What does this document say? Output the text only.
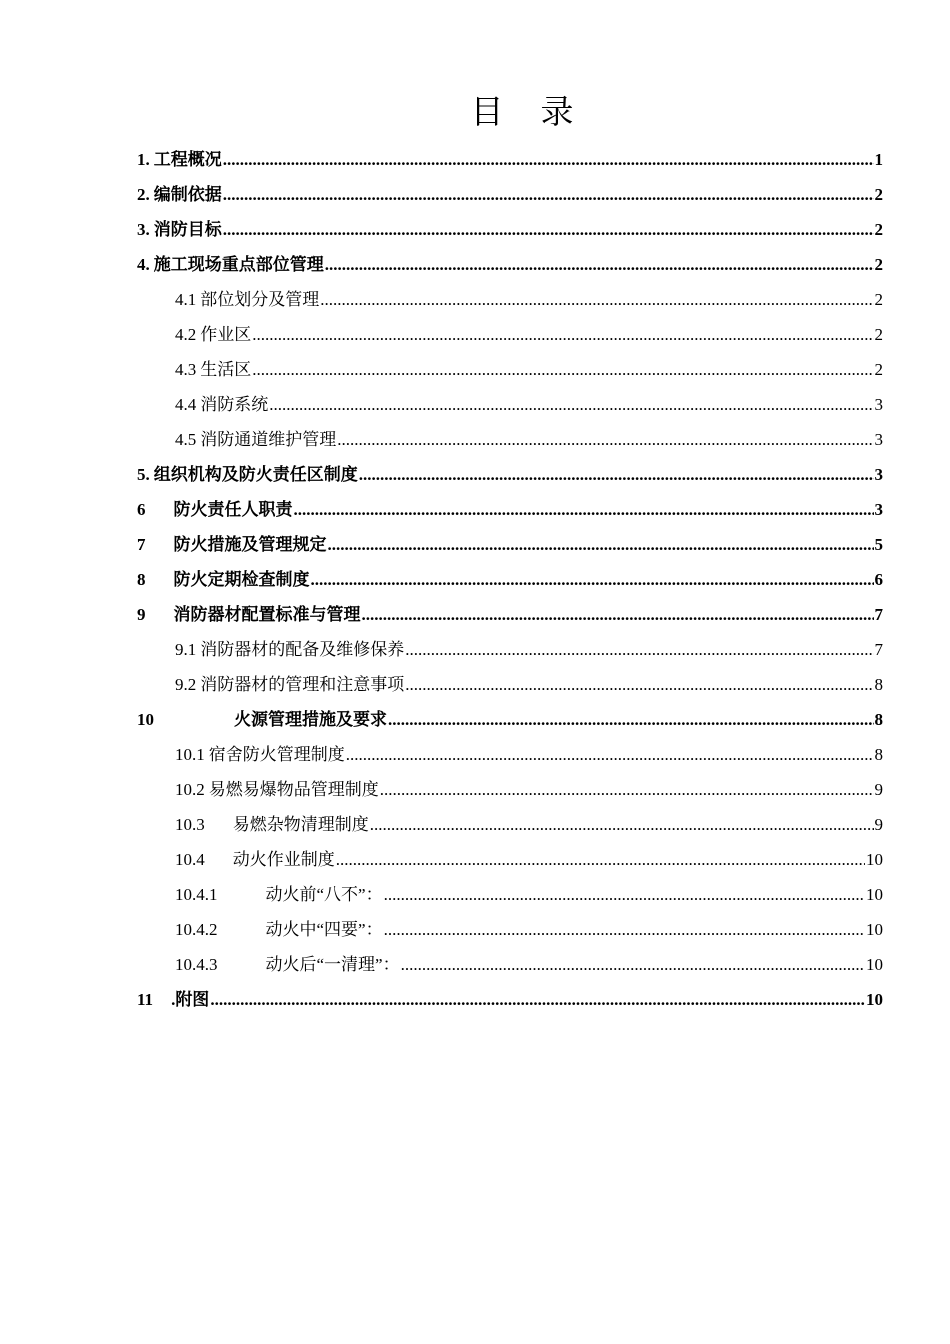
目　录
1. 工程概况 .....	1
2. 编制依据 .....	2
3. 消防目标 .....	2
4. 施工现场重点部位管理 .....	2
4.1 部位划分及管理 .....	2
4.2 作业区 .....	2
4.3 生活区 .....	2
4.4 消防系统 .....	3
4.5 消防通道维护管理 .....	3
5. 组织机构及防火责任区制度 .....	3
6 防火责任人职责 .....	3
7 防火措施及管理规定 .....	5
8 防火定期检查制度 .....	6
9 消防器材配置标准与管理 .....	7
9.1 消防器材的配备及维修保养 .....	7
9.2 消防器材的管理和注意事项 .....	8
10	火源管理措施及要求 .....	8
10.1 宿舍防火管理制度 .....	8
10.2 易燃易爆物品管理制度 .....	9
10.3 易燃杂物清理制度 .....	9
10.4 动火作业制度 .....	10
10.4.1	动火前“八不”： .....	10
10.4.2	动火中“四要”： .....	10
10.4.3	动火后“一清理”： .....	10
11 .附图 .....	10
